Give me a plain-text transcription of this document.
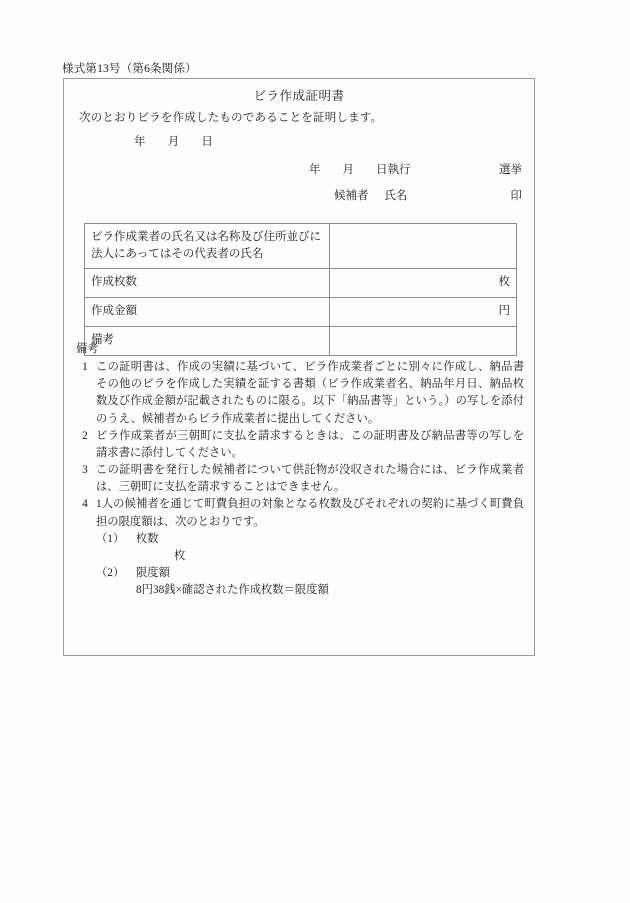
様式第13号（第6条関係）
ビラ作成証明書
次のとおりビラを作成したものであることを証明します。
年 月 日
年 月 日執行	選挙
候補者 氏名	印
ビラ作成業者の氏名又は名称及び住所並びに法人にあってはその代表者の氏名	
作成枚数	枚
作成金額	円
備考	
備考
1 この証明書は、作成の実績に基づいて、ビラ作成業者ごとに別々に作成し、納品書その他のビラを作成した実績を証する書類（ビラ作成業者名、納品年月日、納品枚数及び作成金額が記載されたものに限る。以下「納品書等」という。）の写しを添付のうえ、候補者からビラ作成業者に提出してください。
2 ビラ作成業者が三朝町に支払を請求するときは、この証明書及び納品書等の写しを請求書に添付してください。
3 この証明書を発行した候補者について供託物が没収された場合には、ビラ作成業者は、三朝町に支払を請求することはできません。
4 1人の候補者を通じて町費負担の対象となる枚数及びそれぞれの契約に基づく町費負担の限度額は、次のとおりです。
（1）	枚数
枚
（2）	限度額
8円38銭×確認された作成枚数＝限度額
